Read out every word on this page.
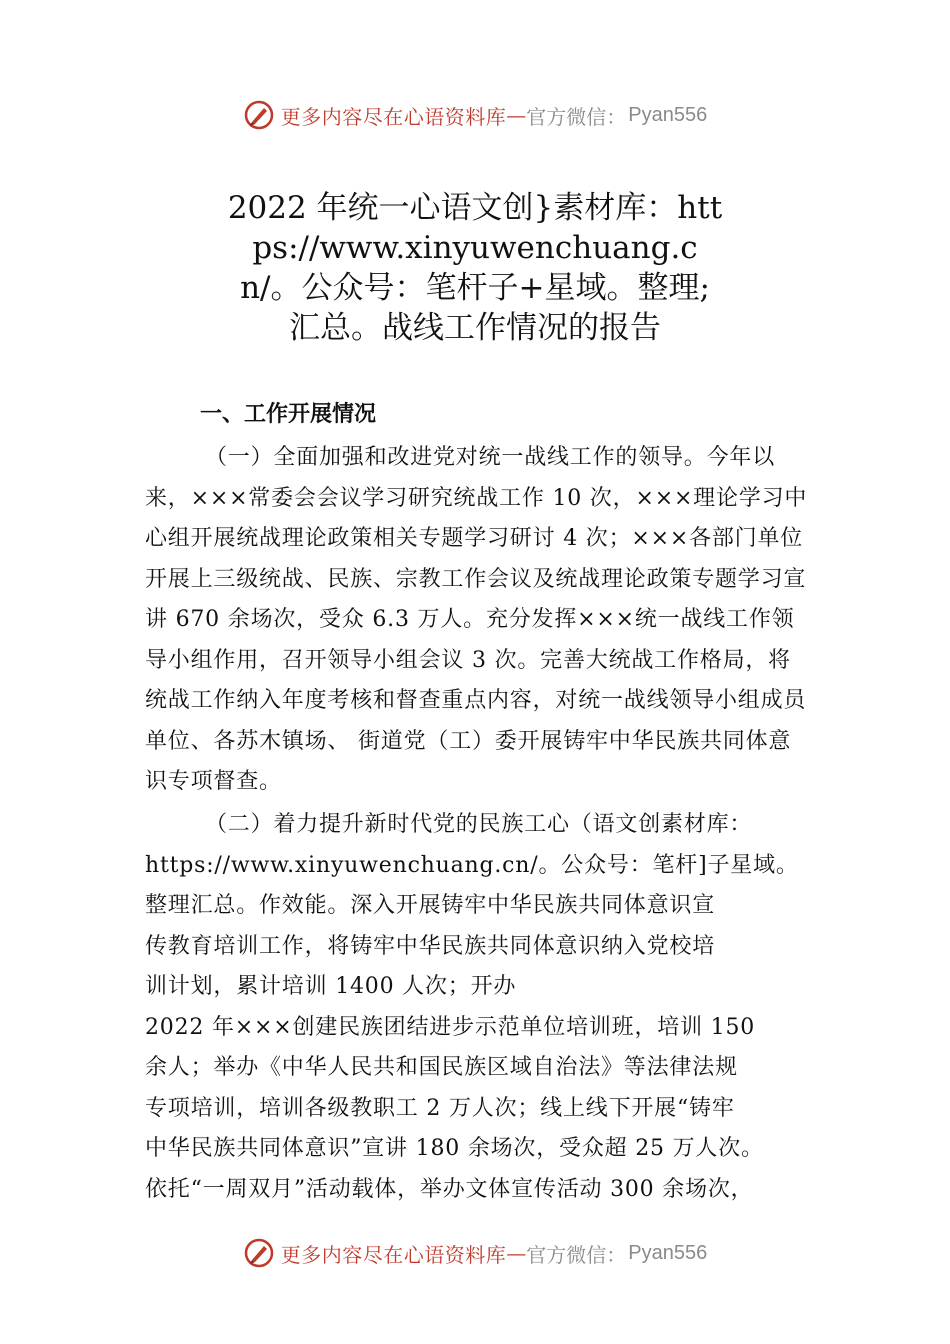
更多内容尽在心语资料库 — 官方微信： Pyan556
2022 年统一心语文创}素材库：https://www.xinyuwenchuang.cn/。公众号：笔杆子+星域。整理;汇总。战线工作情况的报告
一、工作开展情况

（一）全面加强和改进党对统一战线工作的领导。今年以来，×××常委会会议学习研究统战工作 10 次，×××理论学习中心组开展统战理论政策相关专题学习研讨 4 次；×××各部门单位开展上三级统战、民族、宗教工作会议及统战理论政策专题学习宣讲 670 余场次，受众 6.3 万人。充分发挥×××统一战线工作领导小组作用，召开领导小组会议 3 次。完善大统战工作格局，将统战工作纳入年度考核和督查重点内容，对统一战线领导小组成员单位、各苏木镇场、 街道党（工）委开展铸牢中华民族共同体意识专项督查。

（二）着力提升新时代党的民族工心（语文创素材库：
https://www.xinyuwenchuang.cn/。公众号：笔杆]子星域。
整理汇总。作效能。深入开展铸牢中华民族共同体意识宣
传教育培训工作，将铸牢中华民族共同体意识纳入党校培
训计划，累计培训 1400 人次；开办
2022 年×××创建民族团结进步示范单位培训班，培训 150
余人；举办《中华人民共和国民族区域自治法》等法律法规
专项培训，培训各级教职工 2 万人次；线上线下开展“铸牢
中华民族共同体意识”宣讲 180 余场次，受众超 25 万人次。
依托“一周双月”活动载体，举办文体宣传活动 300 余场次，
更多内容尽在心语资料库 — 官方微信： Pyan556
